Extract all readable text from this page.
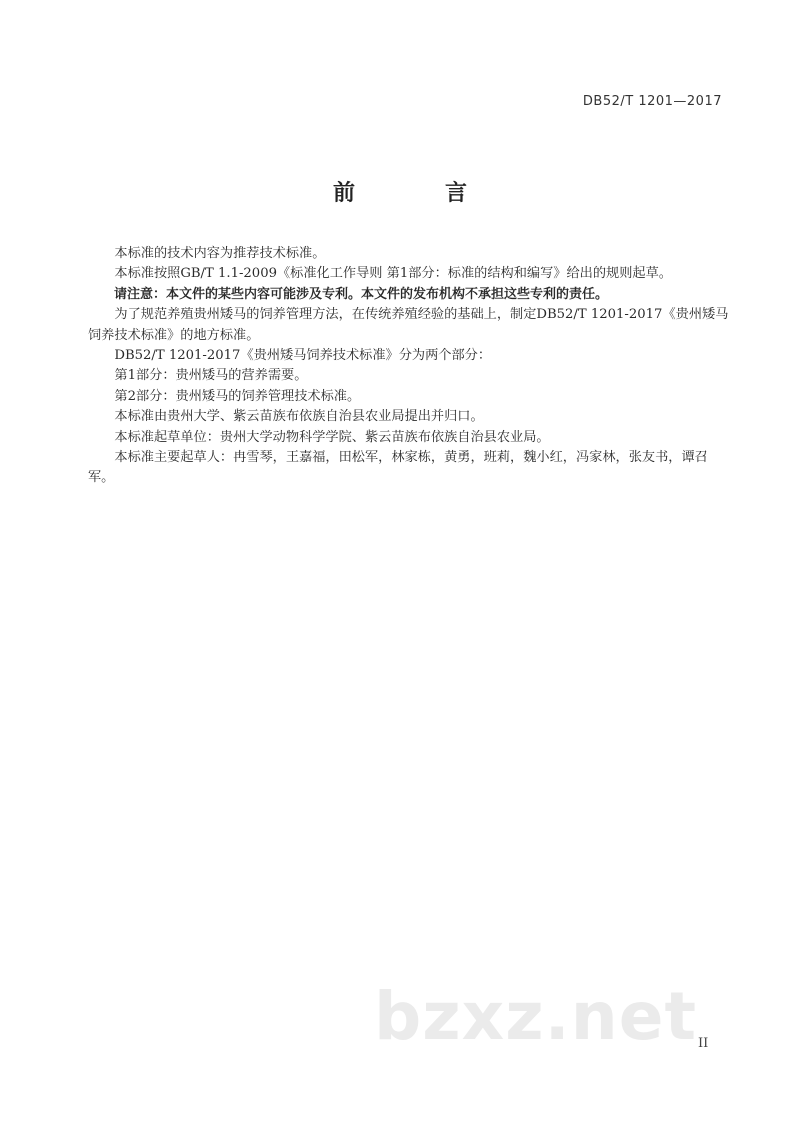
DB52/T 1201—2017
前　言

本标准的技术内容为推荐技术标准。

本标准按照GB/T 1.1-2009《标准化工作导则 第1部分：标准的结构和编写》给出的规则起草。

请注意：本文件的某些内容可能涉及专利。本文件的发布机构不承担这些专利的责任。

为了规范养殖贵州矮马的饲养管理方法，在传统养殖经验的基础上，制定DB52/T 1201-2017《贵州矮马饲养技术标准》的地方标准。

DB52/T 1201-2017《贵州矮马饲养技术标准》分为两个部分：

第1部分：贵州矮马的营养需要。

第2部分：贵州矮马的饲养管理技术标准。

本标准由贵州大学、紫云苗族布依族自治县农业局提出并归口。

本标准起草单位：贵州大学动物科学学院、紫云苗族布依族自治县农业局。

本标准主要起草人：冉雪琴，王嘉福，田松军，林家栋，黄勇，班莉，魏小红，冯家林，张友书，谭召军。

bzxz.net II
